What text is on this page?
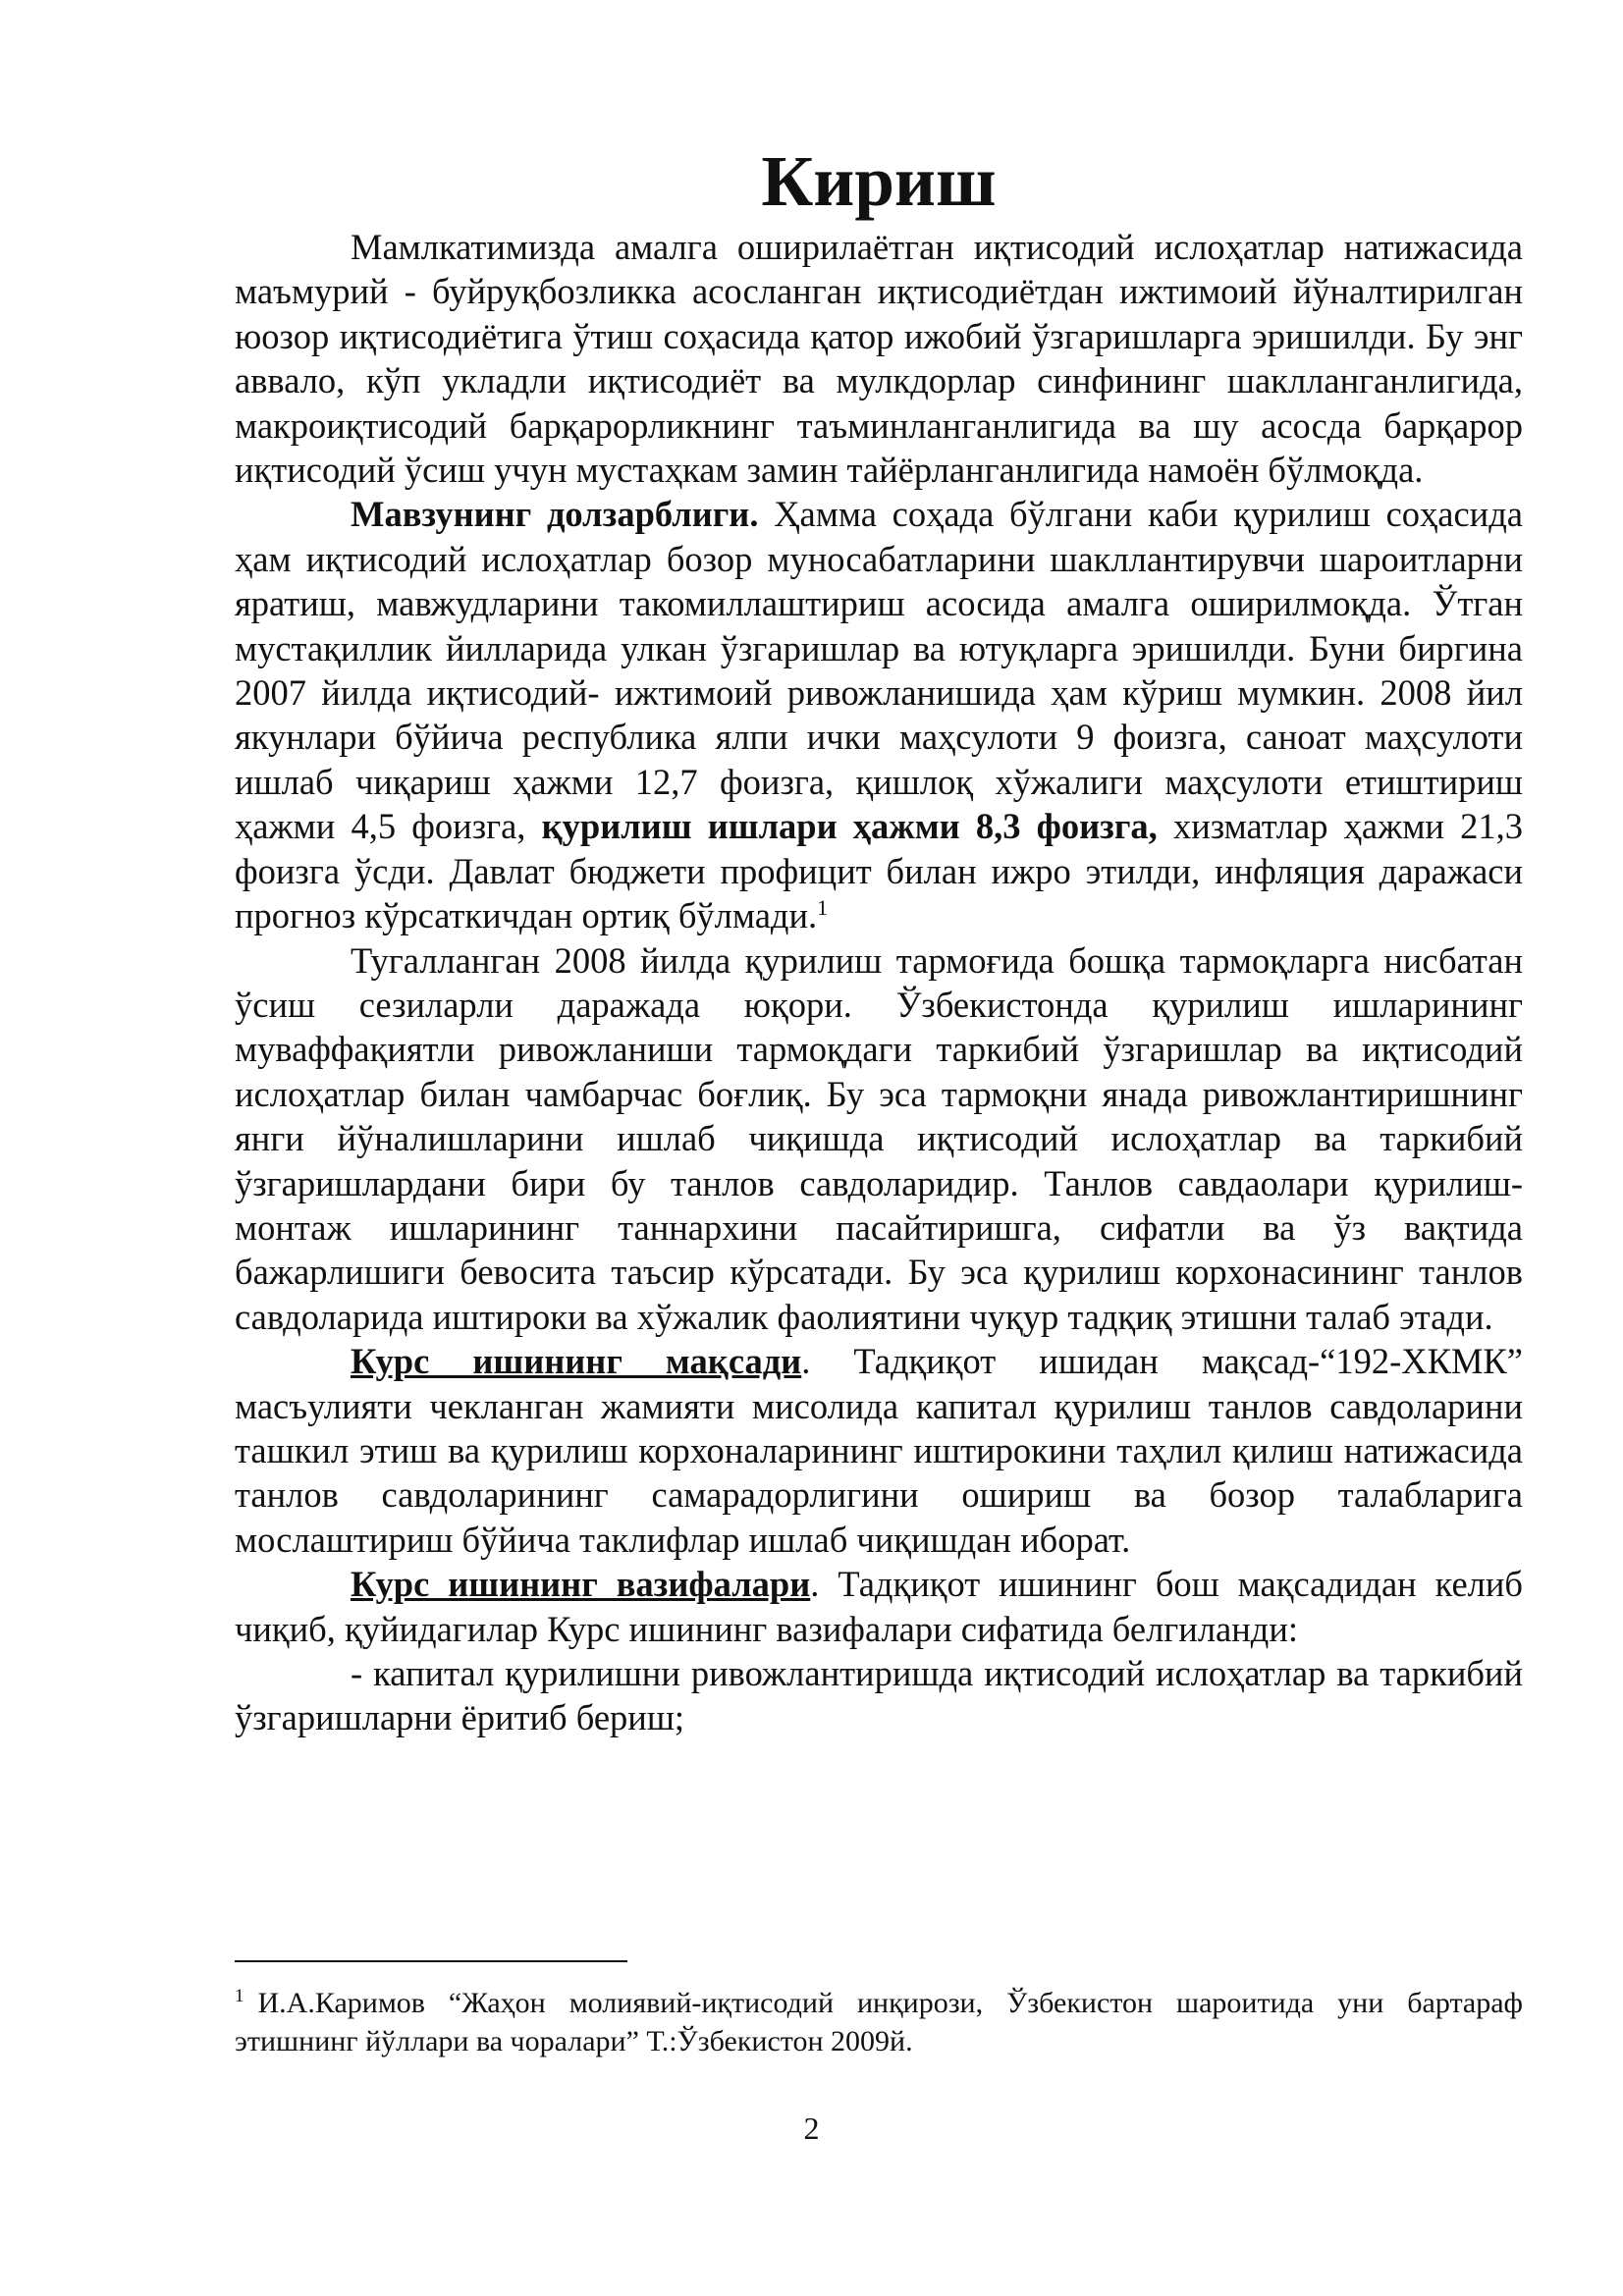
Кириш

Мамлкатимизда амалга оширилаётган иқтисодий ислоҳатлар натижасида маъмурий - буйруқбозликка асосланган иқтисодиётдан ижтимоий йўналтирилган юозор иқтисодиётига ўтиш соҳасида қатор ижобий ўзгаришларга эришилди. Бу энг аввало, кўп укладли иқтисодиёт ва мулкдорлар синфининг шаклланганлигида, макроиқтисодий барқарорликнинг таъминланганлигида ва шу асосда барқарор иқтисодий ўсиш учун мустаҳкам замин тайёрланганлигида намоён бўлмоқда.

Мавзунинг долзарблиги. Ҳамма соҳада бўлгани каби қурилиш соҳасида ҳам иқтисодий ислоҳатлар бозор муносабатларини шакллантирувчи шароитларни яратиш, мавжудларини такомиллаштириш асосида амалга оширилмоқда. Ўтган мустақиллик йилларида улкан ўзгаришлар ва ютуқларга эришилди. Буни биргина 2007 йилда иқтисодий- ижтимоий ривожланишида ҳам кўриш мумкин. 2008 йил якунлари бўйича республика ялпи ички маҳсулоти 9 фоизга, саноат маҳсулоти ишлаб чиқариш ҳажми 12,7 фоизга, қишлоқ хўжалиги маҳсулоти етиштириш ҳажми 4,5 фоизга, қурилиш ишлари ҳажми 8,3 фоизга, хизматлар ҳажми 21,3 фоизга ўсди. Давлат бюджети профицит билан ижро этилди, инфляция даражаси прогноз кўрсаткичдан ортиқ бўлмади.$^1$

Тугалланган 2008 йилда қурилиш тармоғида бошқа тармоқларга нисбатан ўсиш сезиларли даражада юқори. Ўзбекистонда қурилиш ишларининг муваффақиятли ривожланиши тармоқдаги таркибий ўзгаришлар ва иқтисодий ислоҳатлар билан чамбарчас боғлиқ. Бу эса тармоқни янада ривожлантиришнинг янги йўналишларини ишлаб чиқишда иқтисодий ислоҳатлар ва таркибий ўзгаришлардани бири бу танлов савдоларидир. Танлов савдаолари қурилиш-монтаж ишларининг таннархини пасайтиришга, сифатли ва ўз вақтида бажарлишиги бевосита таъсир кўрсатади. Бу эса қурилиш корхонасининг танлов савдоларида иштироки ва хўжалик фаолиятини чуқур тадқиқ этишни талаб этади.

Курс ишининг мақсади. Тадқиқот ишидан мақсад-“192-ХКМК” масъулияти чекланган жамияти мисолида капитал қурилиш танлов савдоларини ташкил этиш ва қурилиш корхоналарининг иштирокини таҳлил қилиш натижасида танлов савдоларининг самарадорлигини ошириш ва бозор талабларига мослаштириш бўйича таклифлар ишлаб чиқишдан иборат.

Курс ишининг вазифалари. Тадқиқот ишининг бош мақсадидан келиб чиқиб, қуйидагилар Курс ишининг вазифалари сифатида белгиланди:

- капитал қурилишни ривожлантиришда иқтисодий ислоҳатлар ва таркибий ўзгаришларни ёритиб бериш;

$^1$ И.А.Каримов “Жаҳон молиявий-иқтисодий инқирози, Ўзбекистон шароитида уни бартараф этишнинг йўллари ва чоралари” Т.:Ўзбекистон 2009й.

2
